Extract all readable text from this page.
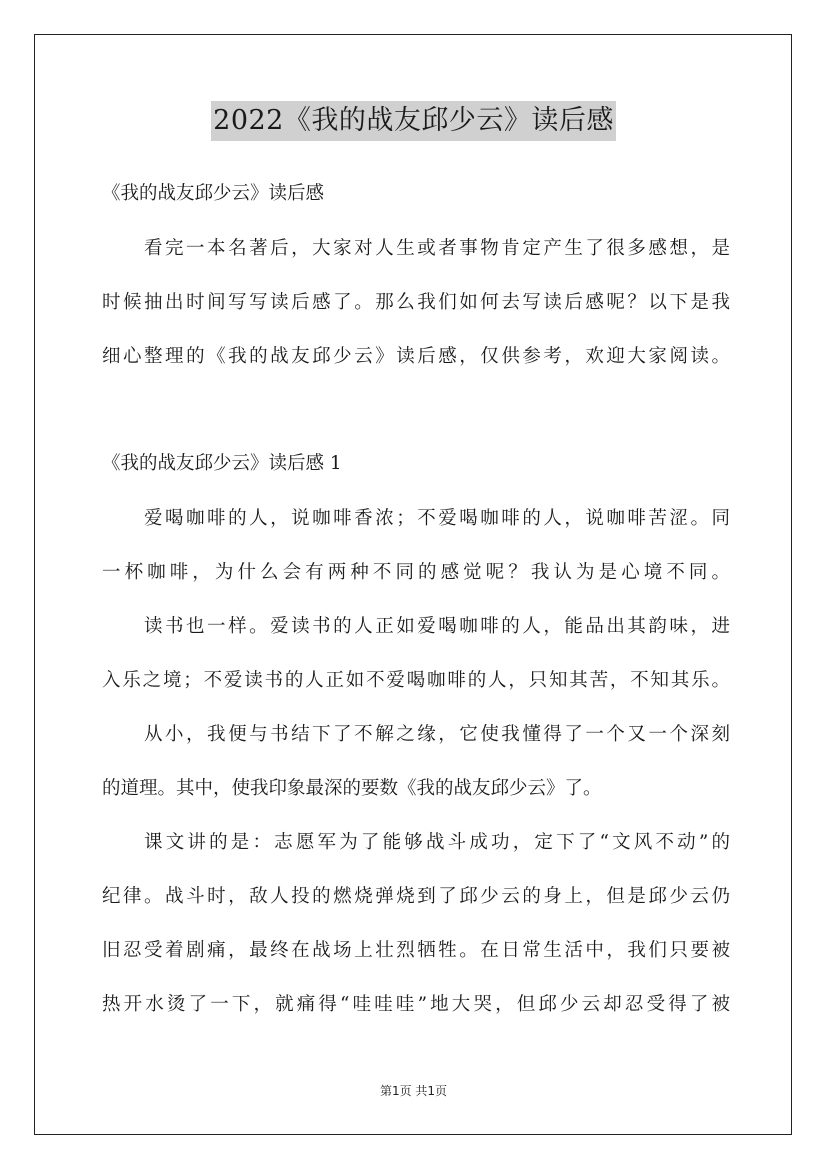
2022《我的战友邱少云》读后感
《我的战友邱少云》读后感
看完一本名著后，大家对人生或者事物肯定产生了很多感想，是
时候抽出时间写写读后感了。那么我们如何去写读后感呢？以下是我
细心整理的《我的战友邱少云》读后感，仅供参考，欢迎大家阅读。
《我的战友邱少云》读后感 1
爱喝咖啡的人，说咖啡香浓；不爱喝咖啡的人，说咖啡苦涩。同
一杯咖啡，为什么会有两种不同的感觉呢？我认为是心境不同。
读书也一样。爱读书的人正如爱喝咖啡的人，能品出其韵味，进
入乐之境；不爱读书的人正如不爱喝咖啡的人，只知其苦，不知其乐。
从小，我便与书结下了不解之缘，它使我懂得了一个又一个深刻
的道理。其中，使我印象最深的要数《我的战友邱少云》了。
课文讲的是：志愿军为了能够战斗成功，定下了“文风不动”的
纪律。战斗时，敌人投的燃烧弹烧到了邱少云的身上，但是邱少云仍
旧忍受着剧痛，最终在战场上壮烈牺牲。在日常生活中，我们只要被
热开水烫了一下，就痛得“哇哇哇”地大哭，但邱少云却忍受得了被
第1页 共1页
